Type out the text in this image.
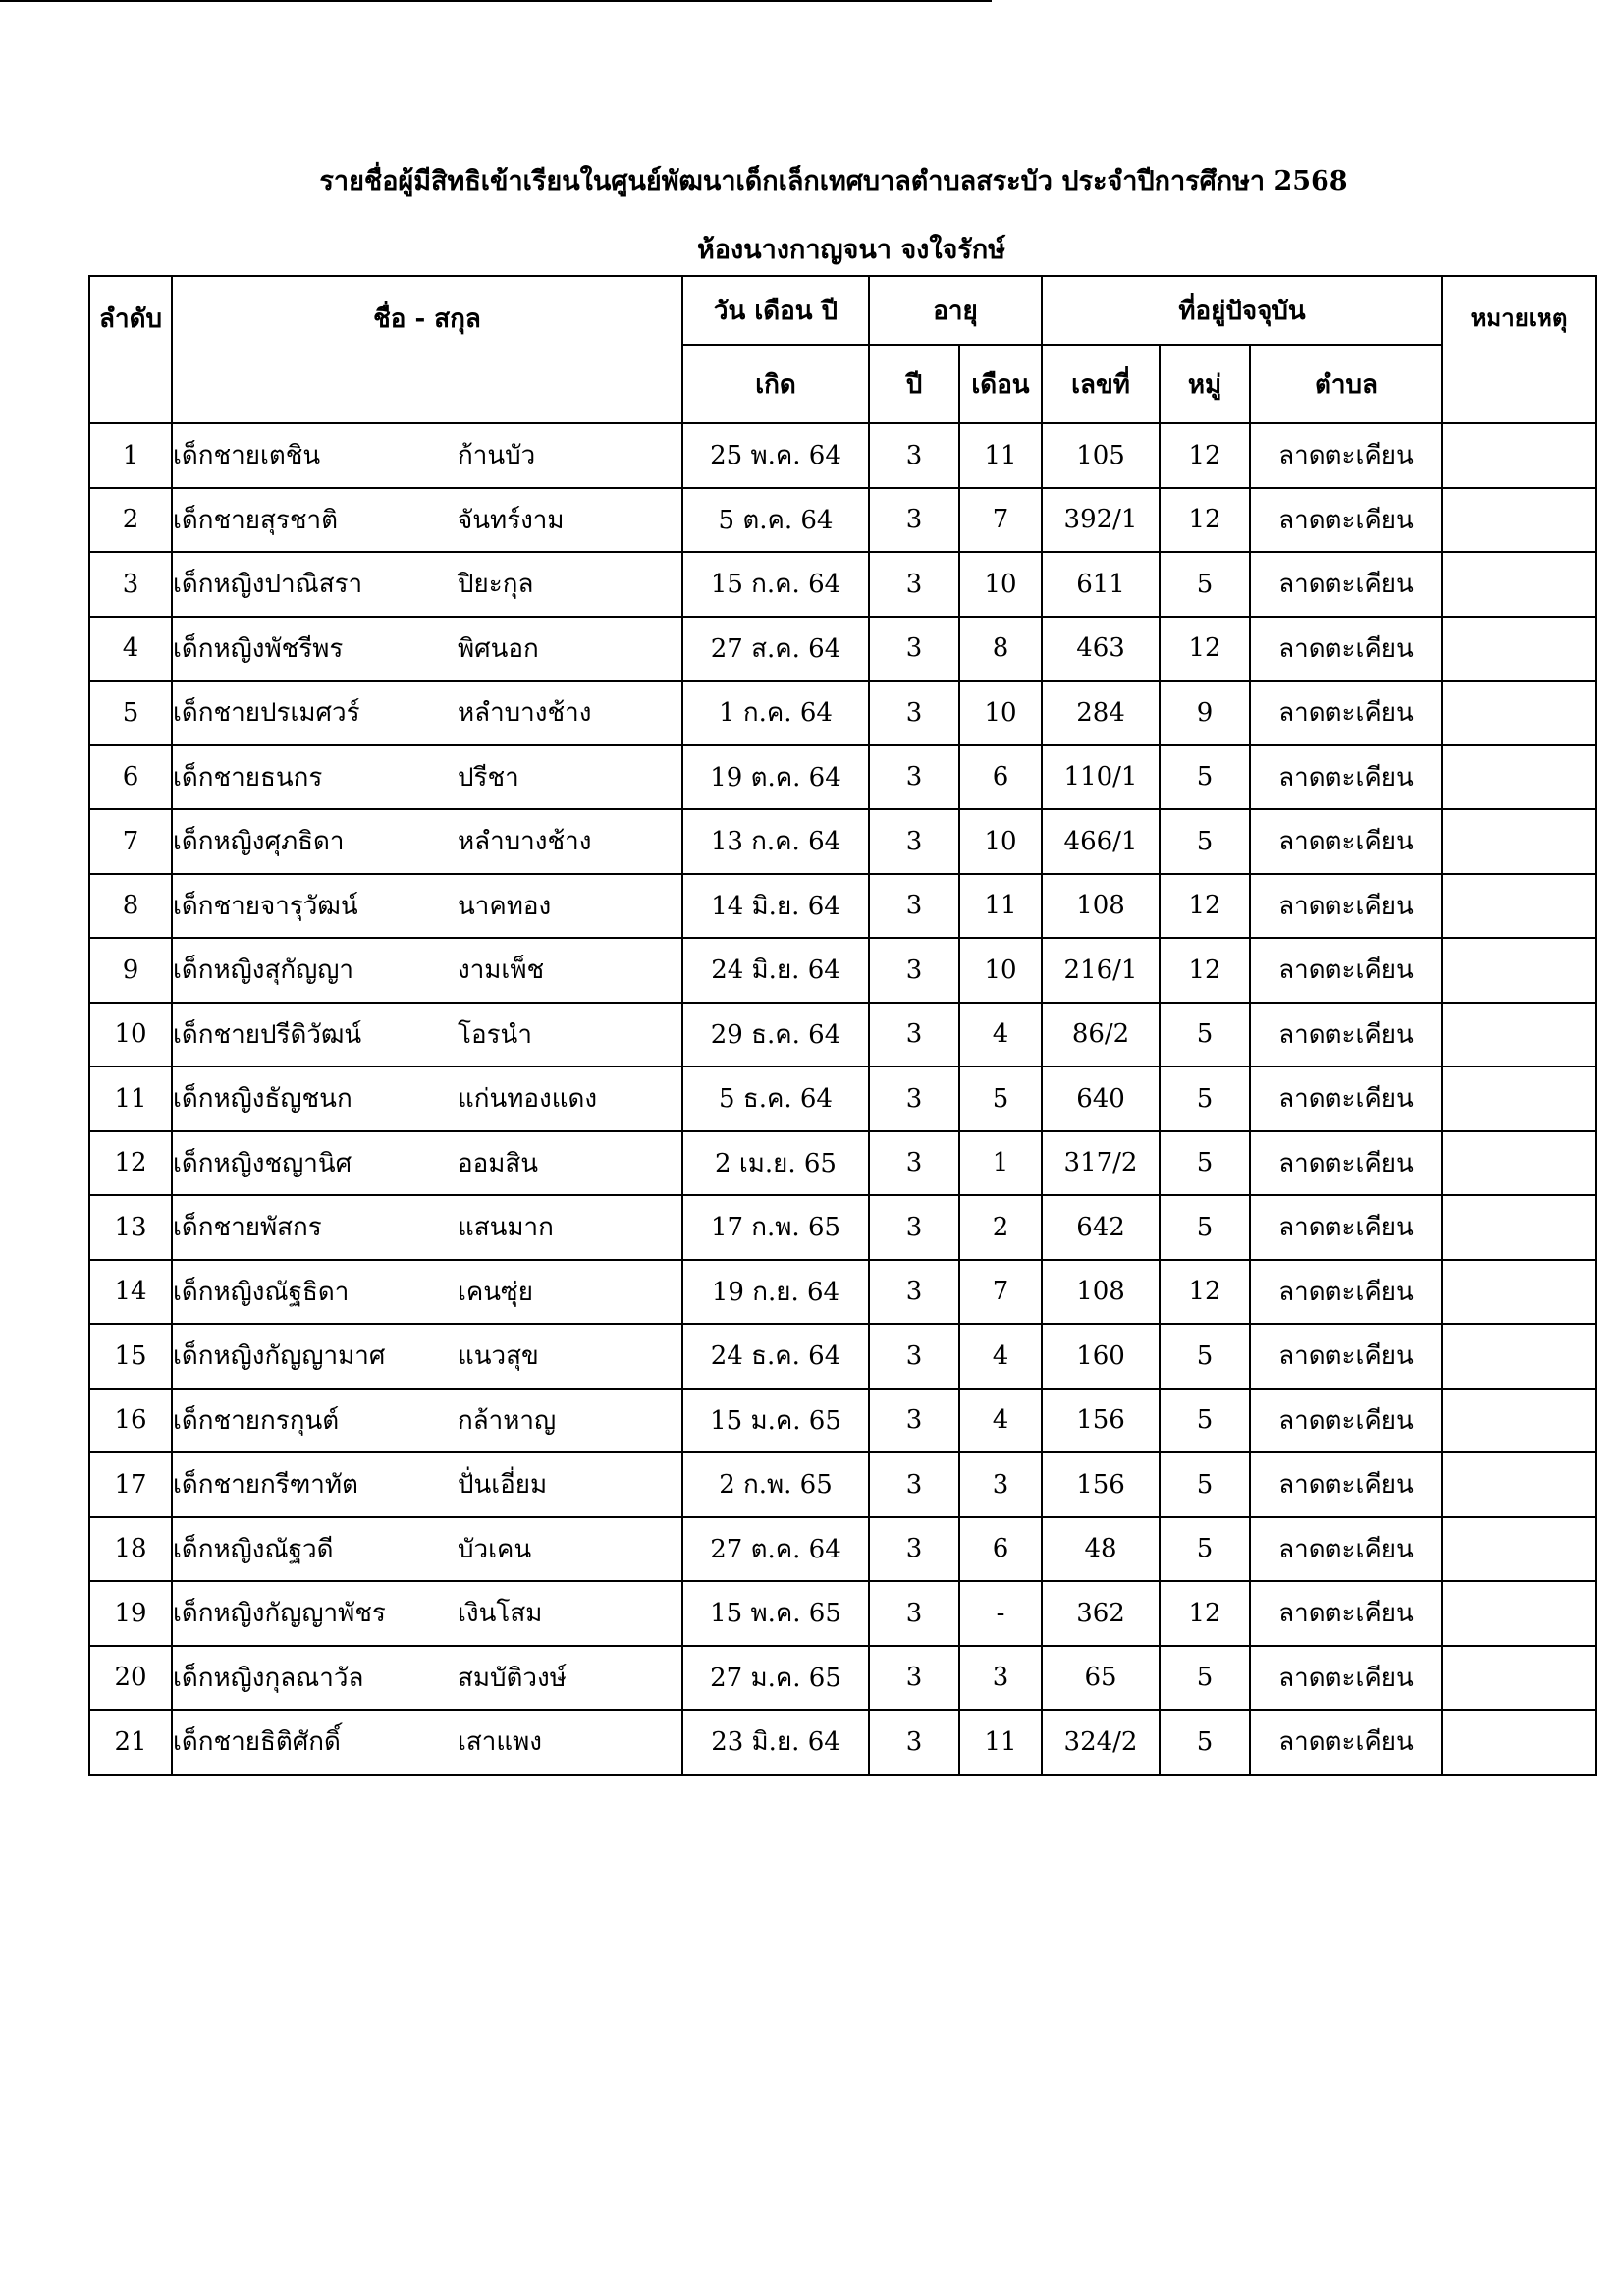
รายชื่อผู้มีสิทธิเข้าเรียนในศูนย์พัฒนาเด็กเล็กเทศบาลตำบลสระบัว ประจำปีการศึกษา 2568
ห้องนางกาญจนา จงใจรักษ์
ลำดับ	ชื่อ - สกุล	วัน เดือน ปี	อายุ		ที่อยู่ปัจจุบัน			หมายเหตุ
		เกิด	ปี	เดือน	เลขที่	หมู่	ตำบล	
1	เด็กชายเตชิน ก้านบัว	25 พ.ค. 64	3	11	105	12	ลาดตะเคียน	
2	เด็กชายสุรชาติ จันทร์งาม	5 ต.ค. 64	3	7	392/1	12	ลาดตะเคียน	
3	เด็กหญิงปาณิสรา ปิยะกุล	15 ก.ค. 64	3	10	611	5	ลาดตะเคียน	
4	เด็กหญิงพัชรีพร พิศนอก	27 ส.ค. 64	3	8	463	12	ลาดตะเคียน	
5	เด็กชายปรเมศวร์ หลำบางช้าง	1 ก.ค. 64	3	10	284	9	ลาดตะเคียน	
6	เด็กชายธนกร ปรีชา	19 ต.ค. 64	3	6	110/1	5	ลาดตะเคียน	
7	เด็กหญิงศุภธิดา หลำบางช้าง	13 ก.ค. 64	3	10	466/1	5	ลาดตะเคียน	
8	เด็กชายจารุวัฒน์ นาคทอง	14 มิ.ย. 64	3	11	108	12	ลาดตะเคียน	
9	เด็กหญิงสุกัญญา งามเพ็ช	24 มิ.ย. 64	3	10	216/1	12	ลาดตะเคียน	
10	เด็กชายปรีดิวัฒน์ โอรนำ	29 ธ.ค. 64	3	4	86/2	5	ลาดตะเคียน	
11	เด็กหญิงธัญชนก แก่นทองแดง	5 ธ.ค. 64	3	5	640	5	ลาดตะเคียน	
12	เด็กหญิงชญานิศ ออมสิน	2 เม.ย. 65	3	1	317/2	5	ลาดตะเคียน	
13	เด็กชายพัสกร แสนมาก	17 ก.พ. 65	3	2	642	5	ลาดตะเคียน	
14	เด็กหญิงณัฐธิดา เคนซุ่ย	19 ก.ย. 64	3	7	108	12	ลาดตะเคียน	
15	เด็กหญิงกัญญามาศ แนวสุข	24 ธ.ค. 64	3	4	160	5	ลาดตะเคียน	
16	เด็กชายกรกุนต์ กล้าหาญ	15 ม.ค. 65	3	4	156	5	ลาดตะเคียน	
17	เด็กชายกรีฑาทัต ปั่นเอี่ยม	2 ก.พ. 65	3	3	156	5	ลาดตะเคียน	
18	เด็กหญิงณัฐวดี บัวเคน	27 ต.ค. 64	3	6	48	5	ลาดตะเคียน	
19	เด็กหญิงกัญญาพัชร เงินโสม	15 พ.ค. 65	3	-	362	12	ลาดตะเคียน	
20	เด็กหญิงกุลณาวัล สมบัติวงษ์	27 ม.ค. 65	3	3	65	5	ลาดตะเคียน	
21	เด็กชายธิติศักดิ์ เสาแพง	23 มิ.ย. 64	3	11	324/2	5	ลาดตะเคียน	
